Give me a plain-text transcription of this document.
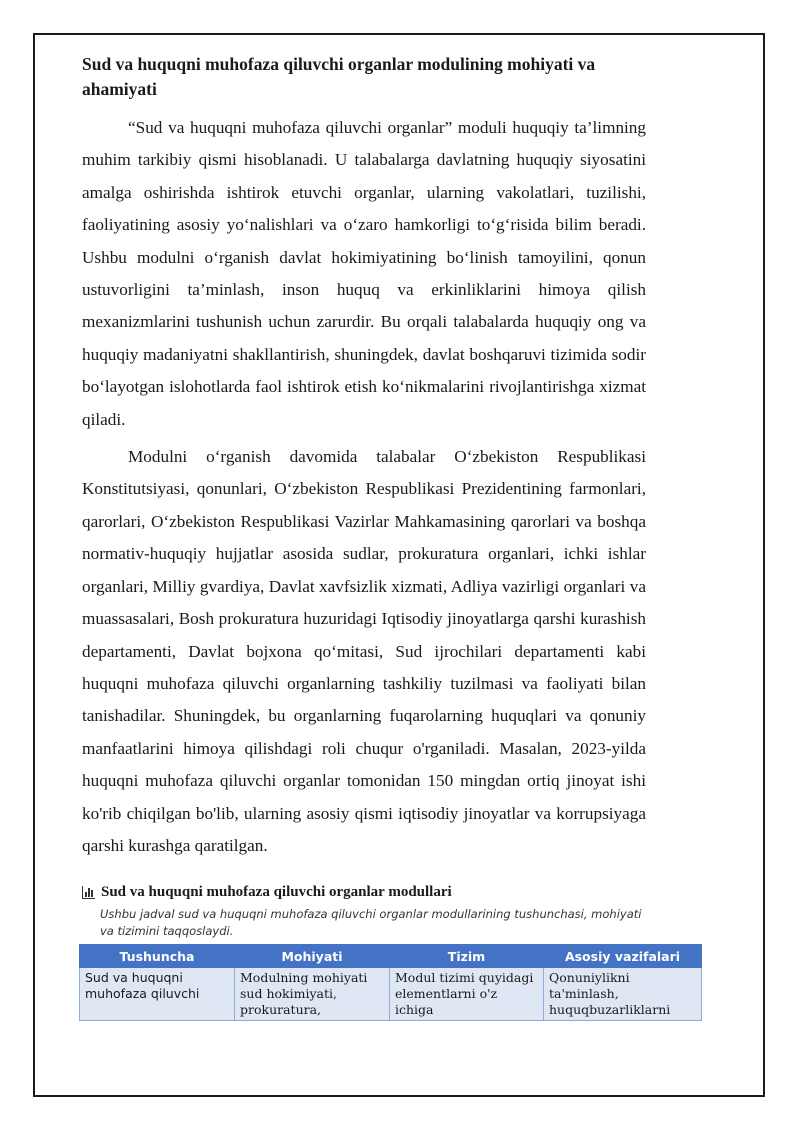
Sud va huquqni muhofaza qiluvchi organlar modulining mohiyati va ahamiyati

“Sud va huquqni muhofaza qiluvchi organlar” moduli huquqiy ta’limning muhim tarkibiy qismi hisoblanadi. U talabalarga davlatning huquqiy siyosatini amalga oshirishda ishtirok etuvchi organlar, ularning vakolatlari, tuzilishi, faoliyatining asosiy yo‘nalishlari va o‘zaro hamkorligi to‘g‘risida bilim beradi. Ushbu modulni o‘rganish davlat hokimiyatining bo‘linish tamoyilini, qonun ustuvorligini ta’minlash, inson huquq va erkinliklarini himoya qilish mexanizmlarini tushunish uchun zarurdir. Bu orqali talabalarda huquqiy ong va huquqiy madaniyatni shakllantirish, shuningdek, davlat boshqaruvi tizimida sodir bo‘layotgan islohotlarda faol ishtirok etish ko‘nikmalarini rivojlantirishga xizmat qiladi.

Modulni o‘rganish davomida talabalar O‘zbekiston Respublikasi Konstitutsiyasi, qonunlari, O‘zbekiston Respublikasi Prezidentining farmonlari, qarorlari, O‘zbekiston Respublikasi Vazirlar Mahkamasining qarorlari va boshqa normativ-huquqiy hujjatlar asosida sudlar, prokuratura organlari, ichki ishlar organlari, Milliy gvardiya, Davlat xavfsizlik xizmati, Adliya vazirligi organlari va muassasalari, Bosh prokuratura huzuridagi Iqtisodiy jinoyatlarga qarshi kurashish departamenti, Davlat bojxona qo‘mitasi, Sud ijrochilari departamenti kabi huquqni muhofaza qiluvchi organlarning tashkiliy tuzilmasi va faoliyati bilan tanishadilar. Shuningdek, bu organlarning fuqarolarning huquqlari va qonuniy manfaatlarini himoya qilishdagi roli chuqur o'rganiladi. Masalan, 2023-yilda huquqni muhofaza qiluvchi organlar tomonidan 150 mingdan ortiq jinoyat ishi ko'rib chiqilgan bo'lib, ularning asosiy qismi iqtisodiy jinoyatlar va korrupsiyaga qarshi kurashga qaratilgan.

Sud va huquqni muhofaza qiluvchi organlar modullari
Ushbu jadval sud va huquqni muhofaza qiluvchi organlar modullarining tushunchasi, mohiyati va tizimini taqqoslaydi.
Tushuncha	Mohiyati	Tizim	Asosiy vazifalari
Sud va huquqni muhofaza qiluvchi	Modulning mohiyati sud hokimiyati, prokuratura,	Modul tizimi quyidagi elementlarni o'z ichiga	Qonuniylikni ta'minlash, huquqbuzarliklarni
